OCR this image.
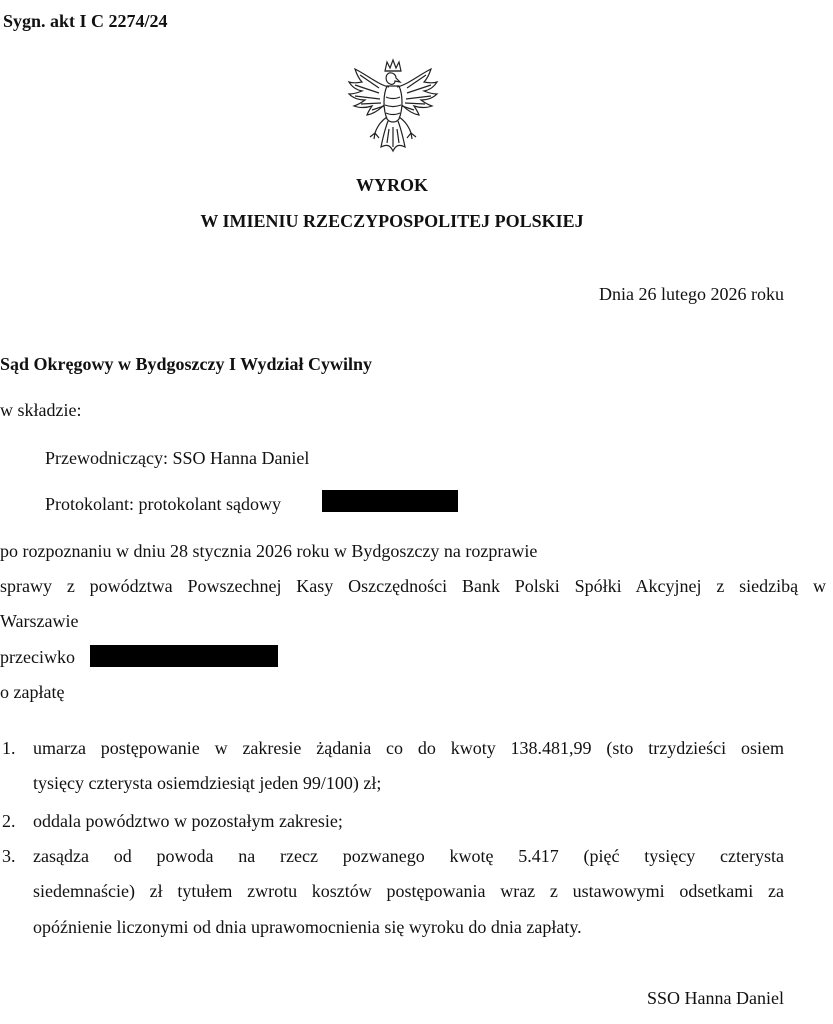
Sygn. akt I C 2274/24
WYROK
W IMIENIU RZECZYPOSPOLITEJ POLSKIEJ
Dnia 26 lutego 2026 roku
Sąd Okręgowy w Bydgoszczy I Wydział Cywilny
w składzie:
Przewodniczący: SSO Hanna Daniel
Protokolant: protokolant sądowy
po rozpoznaniu w dniu 28 stycznia 2026 roku w Bydgoszczy na rozprawie
sprawy z powództwa Powszechnej Kasy Oszczędności Bank Polski Spółki Akcyjnej z siedzibą w
Warszawie
przeciwko
o zapłatę
1. umarza postępowanie w zakresie żądania co do kwoty 138.481,99 (sto trzydzieści osiem
tysięcy czterysta osiemdziesiąt jeden 99/100) zł;
2. oddala powództwo w pozostałym zakresie;
3. zasądza od powoda na rzecz pozwanego kwotę 5.417 (pięć tysięcy czterysta
siedemnaście) zł tytułem zwrotu kosztów postępowania wraz z ustawowymi odsetkami za
opóźnienie liczonymi od dnia uprawomocnienia się wyroku do dnia zapłaty.
SSO Hanna Daniel
